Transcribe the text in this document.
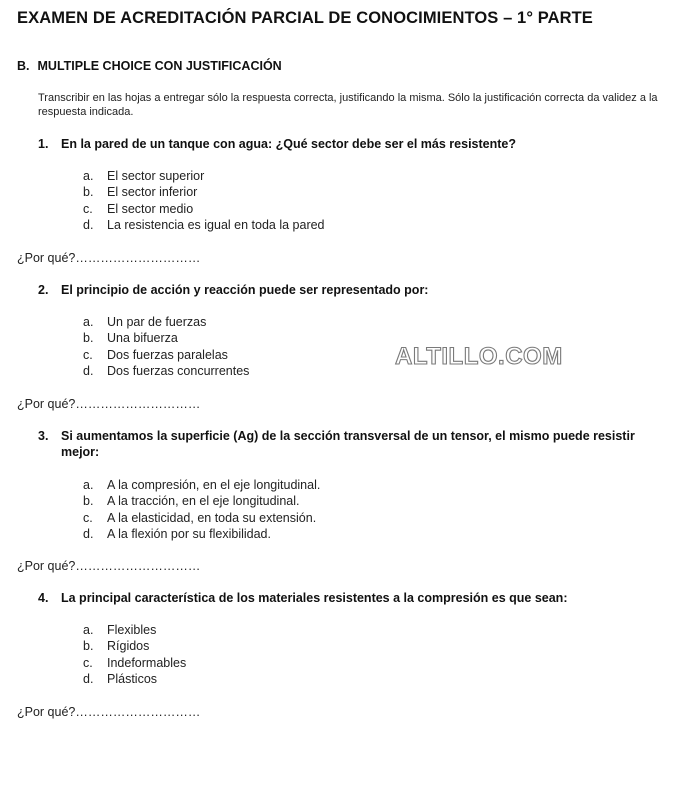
EXAMEN DE ACREDITACIÓN PARCIAL DE CONOCIMIENTOS – 1° PARTE
B. MULTIPLE CHOICE CON JUSTIFICACIÓN
Transcribir en las hojas a entregar sólo la respuesta correcta, justificando la misma. Sólo la justificación correcta da validez a la respuesta indicada.
1.	En la pared de un tanque con agua: ¿Qué sector debe ser el más resistente?
a.	El sector superior
b.	El sector inferior
c.	El sector medio
d.	La resistencia es igual en toda la pared
¿Por qué?…………………………
2.	El principio de acción y reacción puede ser representado por:
a.	Un par de fuerzas
b.	Una bifuerza
c.	Dos fuerzas paralelas
d.	Dos fuerzas concurrentes
¿Por qué?…………………………
ALTILLO.COM
3.	Si aumentamos la superficie (Ag) de la sección transversal de un tensor, el mismo puede resistir mejor:
a.	A la compresión, en el eje longitudinal.
b.	A la tracción, en el eje longitudinal.
c.	A la elasticidad, en toda su extensión.
d.	A la flexión por su flexibilidad.
¿Por qué?…………………………
4.	La principal característica de los materiales resistentes a la compresión es que sean:
a.	Flexibles
b.	Rígidos
c.	Indeformables
d.	Plásticos
¿Por qué?…………………………
